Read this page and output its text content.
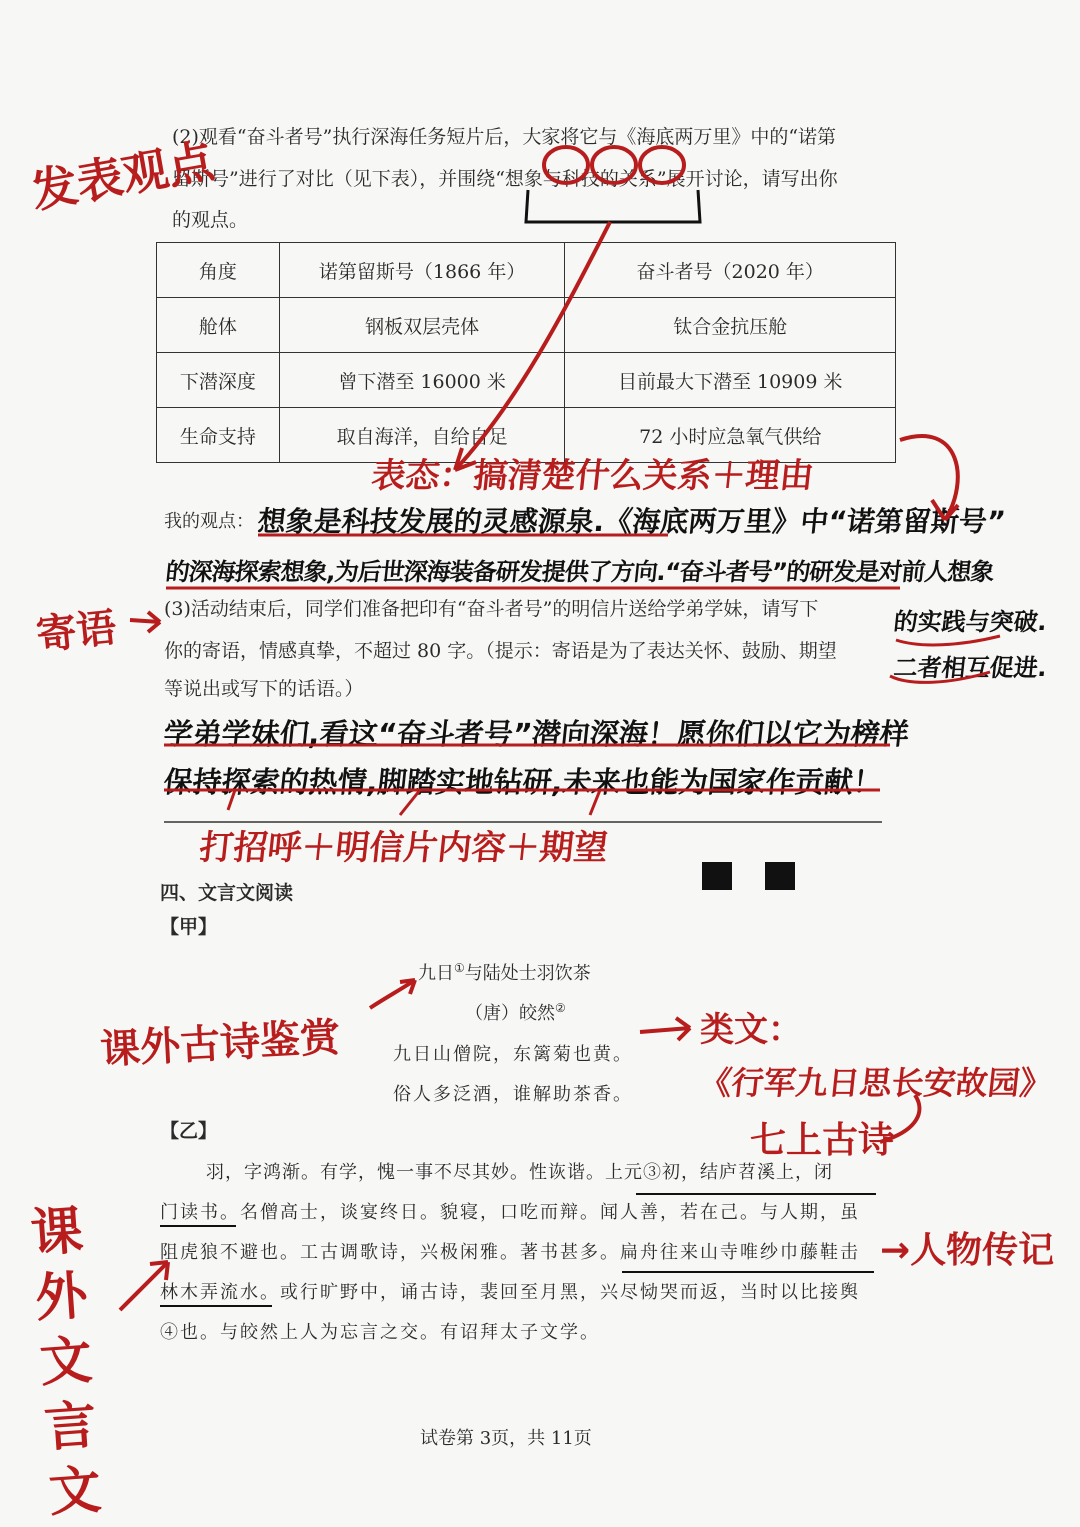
(2)观看“奋斗者号”执行深海任务短片后，大家将它与《海底两万里》中的“诺第
留斯号”进行了对比（见下表），并围绕“想象与科技的关系”展开讨论，请写出你
的观点。
角度	诺第留斯号（1866 年）	奋斗者号（2020 年）
舱体	钢板双层壳体	钛合金抗压舱
下潜深度	曾下潜至 16000 米	目前最大下潜至 10909 米
生命支持	取自海洋，自给自足	72 小时应急氧气供给
我的观点： 想象是科技发展的灵感源泉.《海底两万里》中“诺第留斯号”
的深海探索想象,为后世深海装备研发提供了方向.“奋斗者号”的研发是对前人想象
的实践与突破.
二者相互促进.
(3)活动结束后，同学们准备把印有“奋斗者号”的明信片送给学弟学妹，请写下
你的寄语，情感真挚，不超过 80 字。（提示：寄语是为了表达关怀、鼓励、期望
等说出或写下的话语。）
学弟学妹们,看这“奋斗者号”潜向深海！愿你们以它为榜样
保持探索的热情,脚踏实地钻研,未来也能为国家作贡献！
四、文言文阅读
【甲】
九日①与陆处士羽饮茶
（唐）皎然②
九日山僧院，东篱菊也黄。
俗人多泛酒，谁解助茶香。
【乙】
羽，字鸿渐。有学，愧一事不尽其妙。性诙谐。上元③初，结庐苕溪上，闭
门读书。名僧高士，谈宴终日。貌寝，口吃而辩。闻人善，若在己。与人期，虽
阻虎狼不避也。工古调歌诗，兴极闲雅。著书甚多。扁舟往来山寺唯纱巾藤鞋击
林木弄流水。或行旷野中，诵古诗，裴回至月黑，兴尽恸哭而返，当时以比接舆
④也。与皎然上人为忘言之交。有诏拜太子文学。
试卷第 3页，共 11页
发表观点
表态：搞清楚什么关系＋理由
寄语
打招呼＋明信片内容＋期望
课外古诗鉴赏	类文：
《行军九日思长安故园》
七上古诗
→人物传记
课外文言文
